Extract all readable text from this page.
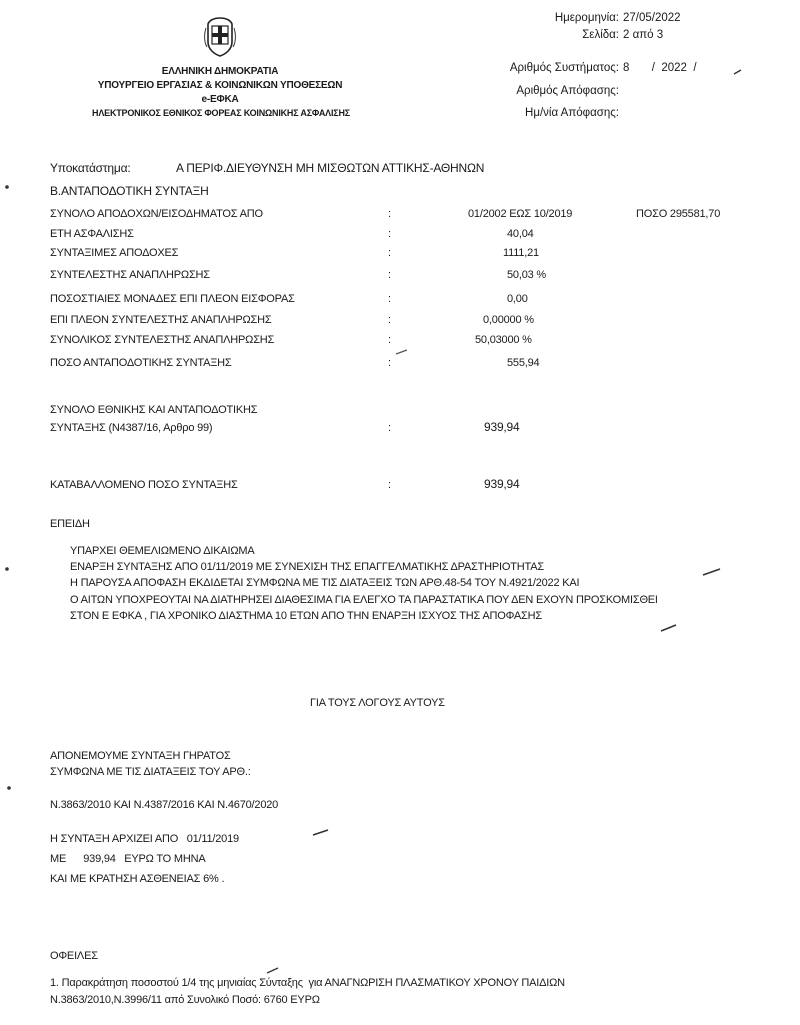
ΕΛΛΗΝΙΚΗ ΔΗΜΟΚΡΑΤΙΑ
ΥΠΟΥΡΓΕΙΟ ΕΡΓΑΣΙΑΣ & ΚΟΙΝΩΝΙΚΩΝ ΥΠΟΘΕΣΕΩΝ
e-ΕΦΚΑ
ΗΛΕΚΤΡΟΝΙΚΟΣ ΕΘΝΙΚΟΣ ΦΟΡΕΑΣ ΚΟΙΝΩΝΙΚΗΣ ΑΣΦΑΛΙΣΗΣ
Ημερομηνία: 27/05/2022
Σελίδα: 2 από 3
Αριθμός Συστήματος: 8       /  2022  /
Αριθμός Απόφασης:
Ημ/νία Απόφασης:
Υποκατάστημα:	Α ΠΕΡΙΦ.ΔΙΕΥΘΥΝΣΗ ΜΗ ΜΙΣΘΩΤΩΝ ΑΤΤΙΚΗΣ-ΑΘΗΝΩΝ
Β.ΑΝΤΑΠΟΔΟΤΙΚΗ ΣΥΝΤΑΞΗ
ΣΥΝΟΛΟ ΑΠΟΔΟΧΩΝ/ΕΙΣΟΔΗΜΑΤΟΣ ΑΠΟ	:	01/2002 ΕΩΣ 10/2019	ΠΟΣΟ 295581,70
ΕΤΗ ΑΣΦΑΛΙΣΗΣ	:	40,04
ΣΥΝΤΑΞΙΜΕΣ ΑΠΟΔΟΧΕΣ	:	1111,21
ΣΥΝΤΕΛΕΣΤΗΣ ΑΝΑΠΛΗΡΩΣΗΣ	:	50,03 %
ΠΟΣΟΣΤΙΑΙΕΣ ΜΟΝΑΔΕΣ ΕΠΙ ΠΛΕΟΝ ΕΙΣΦΟΡΑΣ	:	0,00
ΕΠΙ ΠΛΕΟΝ ΣΥΝΤΕΛΕΣΤΗΣ ΑΝΑΠΛΗΡΩΣΗΣ	:	0,00000 %
ΣΥΝΟΛΙΚΟΣ ΣΥΝΤΕΛΕΣΤΗΣ ΑΝΑΠΛΗΡΩΣΗΣ	:	50,03000 %
ΠΟΣΟ ΑΝΤΑΠΟΔΟΤΙΚΗΣ ΣΥΝΤΑΞΗΣ	:	555,94
ΣΥΝΟΛΟ ΕΘΝΙΚΗΣ ΚΑΙ ΑΝΤΑΠΟΔΟΤΙΚΗΣ
ΣΥΝΤΑΞΗΣ (Ν4387/16, Αρθρο 99)	:	939,94
ΚΑΤΑΒΑΛΛΟΜΕΝΟ ΠΟΣΟ ΣΥΝΤΑΞΗΣ	:	939,94
ΕΠΕΙΔΗ
ΥΠΑΡΧΕΙ ΘΕΜΕΛΙΩΜΕΝΟ ΔΙΚΑΙΩΜΑ
ΕΝΑΡΞΗ ΣΥΝΤΑΞΗΣ ΑΠΟ 01/11/2019 ΜΕ ΣΥΝΕΧΙΣΗ ΤΗΣ ΕΠΑΓΓΕΛΜΑΤΙΚΗΣ ΔΡΑΣΤΗΡΙΟΤΗΤΑΣ
Η ΠΑΡΟΥΣΑ ΑΠΟΦΑΣΗ ΕΚΔΙΔΕΤΑΙ ΣΥΜΦΩΝΑ ΜΕ ΤΙΣ ΔΙΑΤΑΞΕΙΣ ΤΩΝ ΑΡΘ.48-54 ΤΟΥ Ν.4921/2022 ΚΑΙ
Ο ΑΙΤΩΝ ΥΠΟΧΡΕΟΥΤΑΙ ΝΑ ΔΙΑΤΗΡΗΣΕΙ ΔΙΑΘΕΣΙΜΑ ΓΙΑ ΕΛΕΓΧΟ ΤΑ ΠΑΡΑΣΤΑΤΙΚΑ ΠΟΥ ΔΕΝ ΕΧΟΥΝ ΠΡΟΣΚΟΜΙΣΘΕΙ
ΣΤΟΝ Ε ΕΦΚΑ , ΓΙΑ ΧΡΟΝΙΚΟ ΔΙΑΣΤΗΜΑ 10 ΕΤΩΝ ΑΠΟ ΤΗΝ ΕΝΑΡΞΗ ΙΣΧΥΟΣ ΤΗΣ ΑΠΟΦΑΣΗΣ
ΓΙΑ ΤΟΥΣ ΛΟΓΟΥΣ ΑΥΤΟΥΣ
ΑΠΟΝΕΜΟΥΜΕ ΣΥΝΤΑΞΗ ΓΗΡΑΤΟΣ
ΣΥΜΦΩΝΑ ΜΕ ΤΙΣ ΔΙΑΤΑΞΕΙΣ ΤΟΥ ΑΡΘ.:
Ν.3863/2010 ΚΑΙ Ν.4387/2016 ΚΑΙ Ν.4670/2020
Η ΣΥΝΤΑΞΗ ΑΡΧΙΖΕΙ ΑΠΟ   01/11/2019
ΜΕ      939,94   ΕΥΡΩ ΤΟ ΜΗΝΑ
ΚΑΙ ΜΕ ΚΡΑΤΗΣΗ ΑΣΘΕΝΕΙΑΣ 6% .
ΟΦΕΙΛΕΣ
1. Παρακράτηση ποσοστού 1/4 της μηνιαίας Σύνταξης  για ΑΝΑΓΝΩΡΙΣΗ ΠΛΑΣΜΑΤΙΚΟΥ ΧΡΟΝΟΥ ΠΑΙΔΙΩΝ
Ν.3863/2010,Ν.3996/11 από Συνολικό Ποσό: 6760 ΕΥΡΩ
